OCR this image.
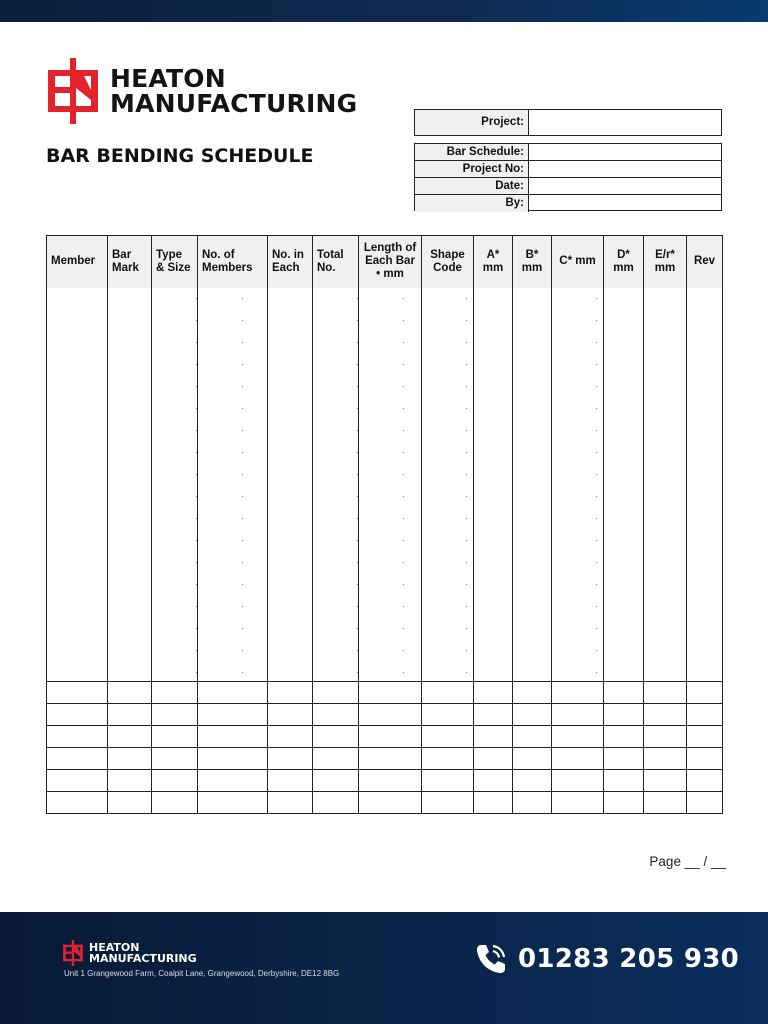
HEATON
MANUFACTURING
BAR BENDING SCHEDULE
Project:
Bar Schedule:
Project No:
Date:
By:
Member	Bar Mark	Type & Size	No. of Members	No. in Each	Total No.	Length of Each Bar • mm	Shape Code	A* mm	B* mm	C* mm	D* mm	E/r* mm	Rev

Page __ / __
HEATON
MANUFACTURING
Unit 1 Grangewood Farm, Coalpit Lane, Grangewood, Derbyshire, DE12 8BG	01283 205 930
